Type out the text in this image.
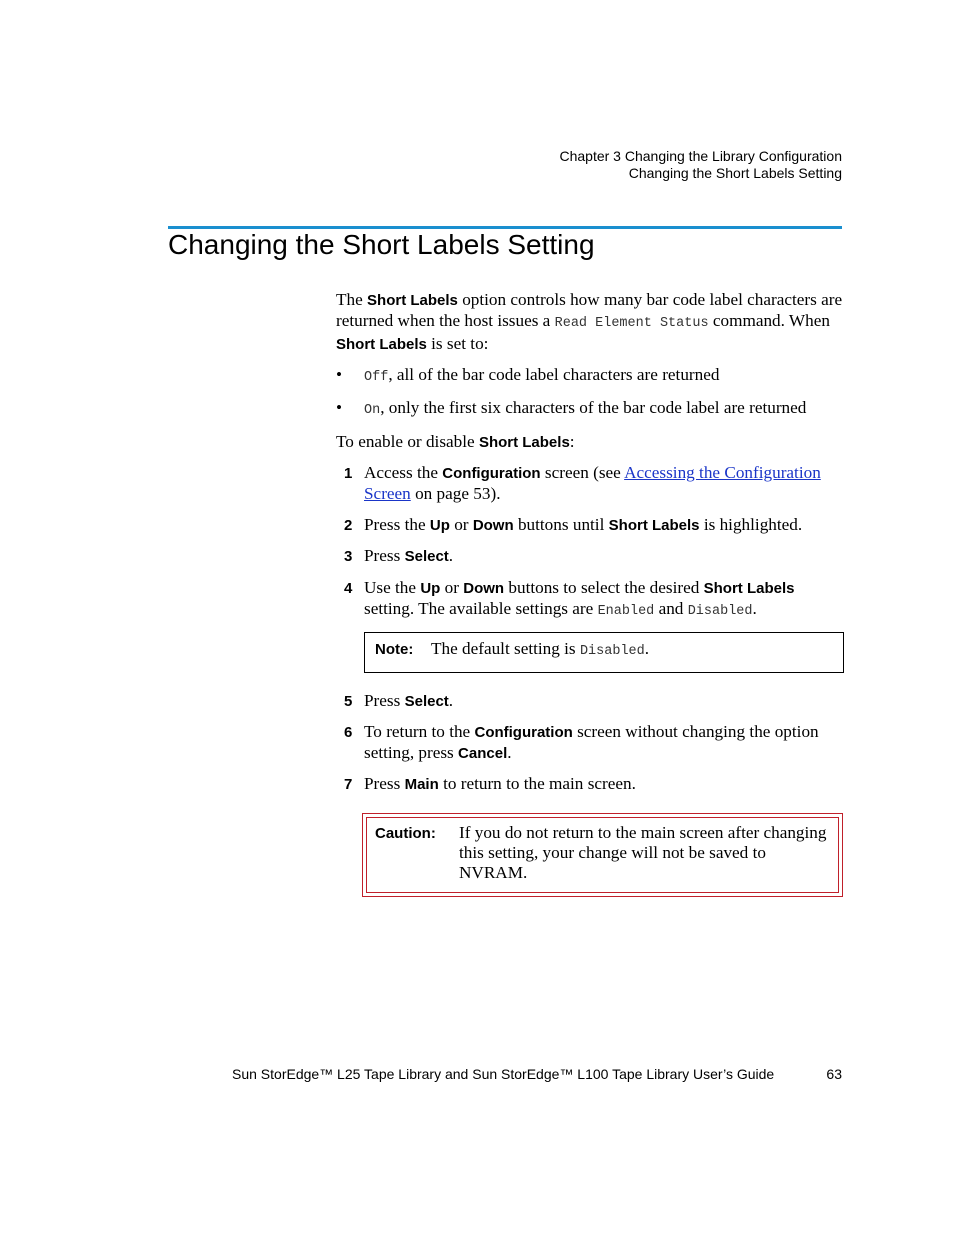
Chapter 3 Changing the Library Configuration
Changing the Short Labels Setting
Changing the Short Labels Setting

The Short Labels option controls how many bar code label characters are returned when the host issues a Read Element Status command. When Short Labels is set to:

• Off, all of the bar code label characters are returned
• On, only the first six characters of the bar code label are returned

To enable or disable Short Labels:

1 Access the Configuration screen (see Accessing the Configuration Screen on page 53).
2 Press the Up or Down buttons until Short Labels is highlighted.
3 Press Select.
4 Use the Up or Down buttons to select the desired Short Labels setting. The available settings are Enabled and Disabled.
Note: The default setting is Disabled.
5 Press Select.
6 To return to the Configuration screen without changing the option setting, press Cancel.
7 Press Main to return to the main screen.
Caution:	If you do not return to the main screen after changing this setting, your change will not be saved to NVRAM.
Sun StorEdge™ L25 Tape Library and Sun StorEdge™ L100 Tape Library User’s Guide	63
